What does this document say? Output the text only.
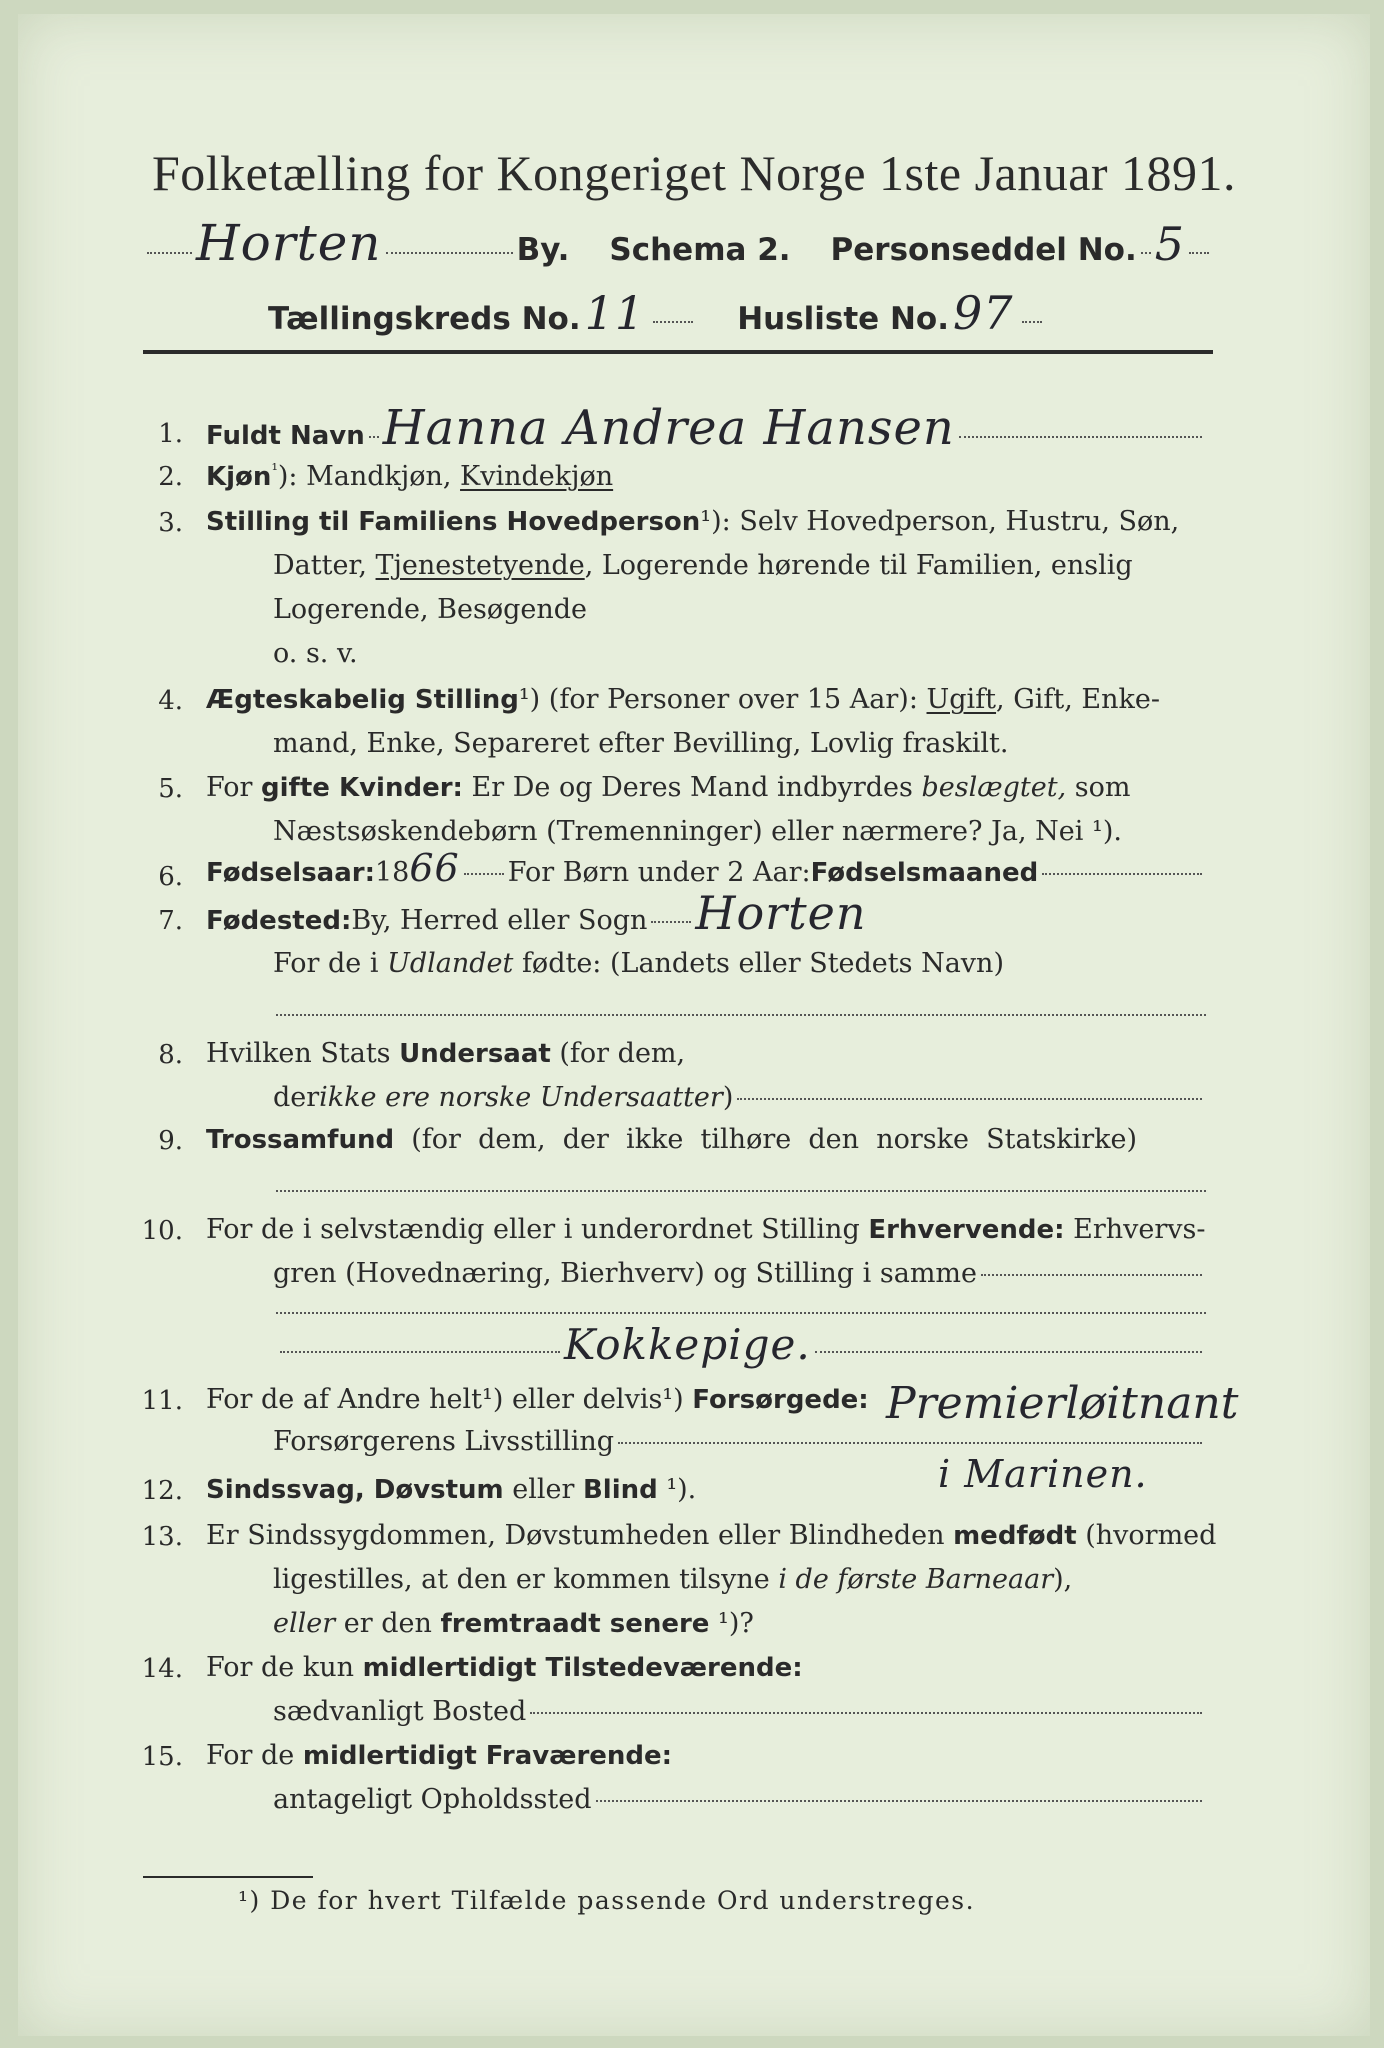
Folketælling for Kongeriget Norge 1ste Januar 1891.
Horten	By. Schema 2. Personseddel No. 5
Tællingskreds No. 11	Husliste No. 97
1. Fuldt Navn Hanna Andrea Hansen
2. Kjøn$^{^1}$): Mandkjøn, Kvindekjøn
3. Stilling til Familiens Hovedperson¹): Selv Hovedperson, Hustru, Søn,
Datter, Tjenestetyende, Logerende hørende til Familien, enslig
Logerende, Besøgende
o. s. v.
4. Ægteskabelig Stilling¹) (for Personer over 15 Aar): Ugift, Gift, Enke-
mand, Enke, Separeret efter Bevilling, Lovlig fraskilt.
5. For gifte Kvinder: Er De og Deres Mand indbyrdes beslægtet, som
Næstsøskendebørn (Tremenninger) eller nærmere? Ja, Nei ¹).
6. Fødselsaar: 18 66 For Børn under 2 Aar: Fødselsmaaned
7. Fødested: By, Herred eller Sogn Horten
For de i Udlandet fødte: (Landets eller Stedets Navn)
8. Hvilken Stats Undersaat (for dem,
der ikke ere norske Undersaatter )
9. Trossamfund  (for  dem,  der  ikke  tilhøre  den  norske  Statskirke)
10. For de i selvstændig eller i underordnet Stilling Erhvervende: Erhvervs-
gren (Hovednæring, Bierhverv) og Stilling i samme
Kokkepige.
11. For de af Andre helt¹) eller delvis¹) Forsørgede:
Forsørgerens Livsstilling
Premierløitnant
i Marinen.
12. Sindssvag, Døvstum eller Blind ¹).
13. Er Sindssygdommen, Døvstumheden eller Blindheden medfødt (hvormed
ligestilles, at den er kommen tilsyne i de første Barneaar),
eller er den fremtraadt senere ¹)?
14. For de kun midlertidigt Tilstedeværende:
sædvanligt Bosted
15. For de midlertidigt Fraværende:
antageligt Opholdssted
¹) De for hvert Tilfælde passende Ord understreges.
